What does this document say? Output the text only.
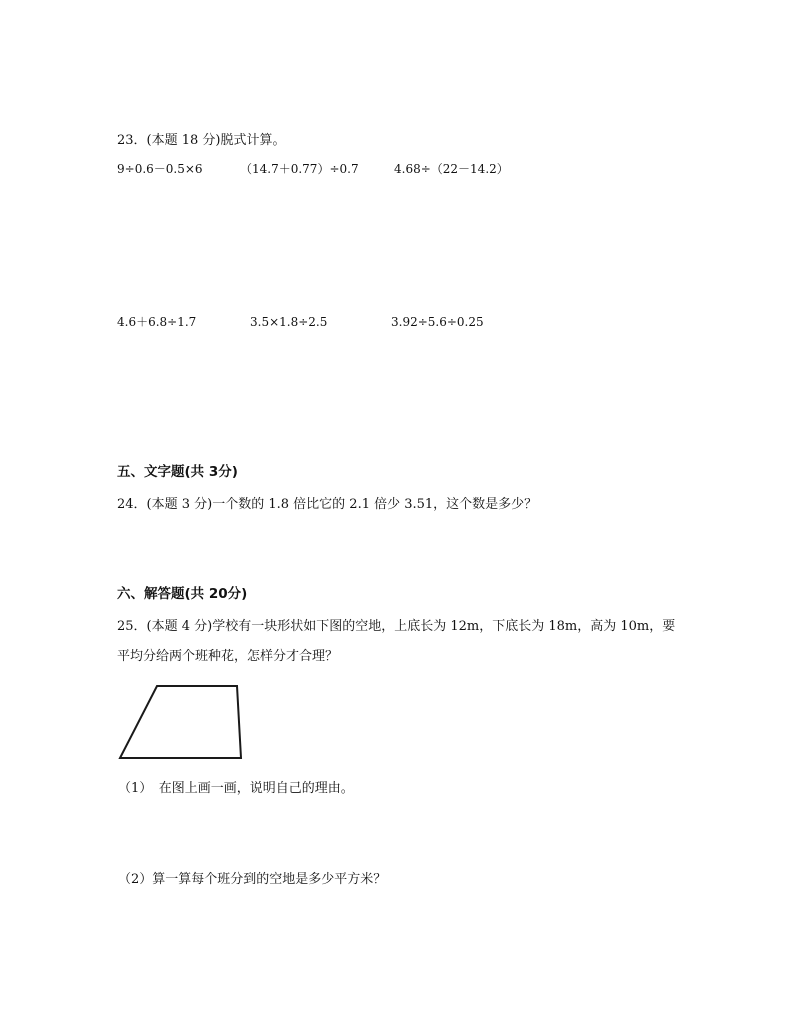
23．(本题 18 分)脱式计算。
9÷0.6－0.5×6	（14.7＋0.77）÷0.7	4.68÷（22－14.2）
4.6＋6.8÷1.7	3.5×1.8÷2.5	3.92÷5.6÷0.25
五、文字题(共 3分)
24．(本题 3 分)一个数的 1.8 倍比它的 2.1 倍少 3.51，这个数是多少？
六、解答题(共 20分)
25．(本题 4 分)学校有一块形状如下图的空地，上底长为 12m，下底长为 18m，高为 10m，要
平均分给两个班种花，怎样分才合理？
（1）　在图上画一画，说明自己的理由。
（2）算一算每个班分到的空地是多少平方米？
